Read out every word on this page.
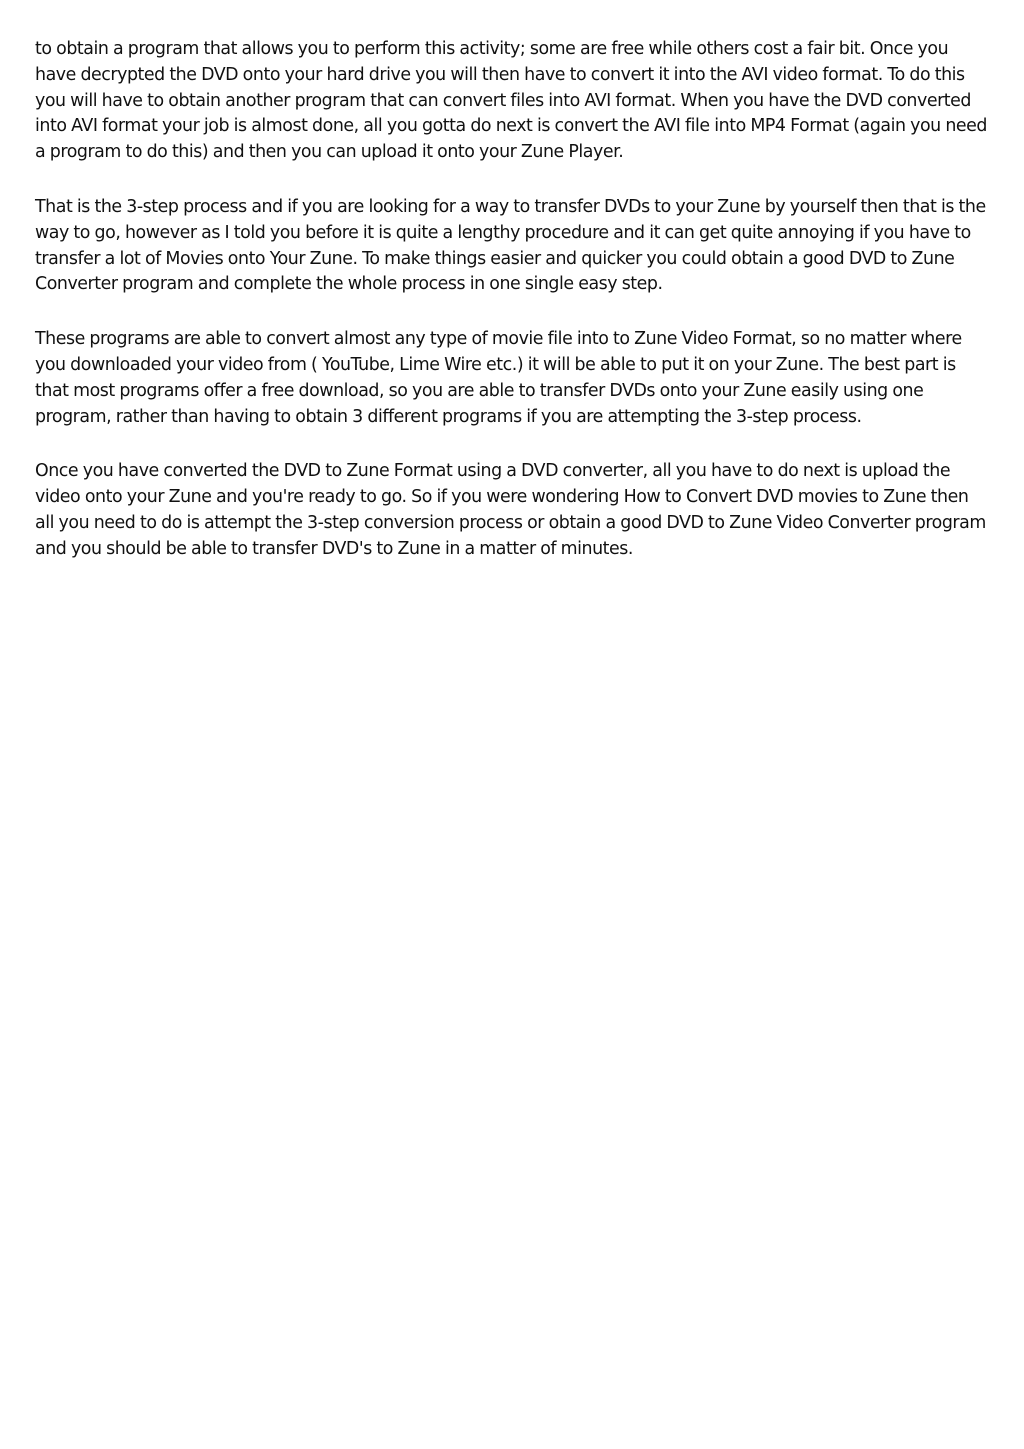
to obtain a program that allows you to perform this activity; some are free while others cost a fair bit. Once you have decrypted the DVD onto your hard drive you will then have to convert it into the AVI video format. To do this you will have to obtain another program that can convert files into AVI format. When you have the DVD converted into AVI format your job is almost done, all you gotta do next is convert the AVI file into MP4 Format (again you need a program to do this) and then you can upload it onto your Zune Player.

That is the 3-step process and if you are looking for a way to transfer DVDs to your Zune by yourself then that is the way to go, however as I told you before it is quite a lengthy procedure and it can get quite annoying if you have to transfer a lot of Movies onto Your Zune. To make things easier and quicker you could obtain a good DVD to Zune Converter program and complete the whole process in one single easy step.

These programs are able to convert almost any type of movie file into to Zune Video Format, so no matter where you downloaded your video from ( YouTube, Lime Wire etc.) it will be able to put it on your Zune. The best part is that most programs offer a free download, so you are able to transfer DVDs onto your Zune easily using one program, rather than having to obtain 3 different programs if you are attempting the 3-step process.

Once you have converted the DVD to Zune Format using a DVD converter, all you have to do next is upload the video onto your Zune and you're ready to go. So if you were wondering How to Convert DVD movies to Zune then all you need to do is attempt the 3-step conversion process or obtain a good DVD to Zune Video Converter program and you should be able to transfer DVD's to Zune in a matter of minutes.
